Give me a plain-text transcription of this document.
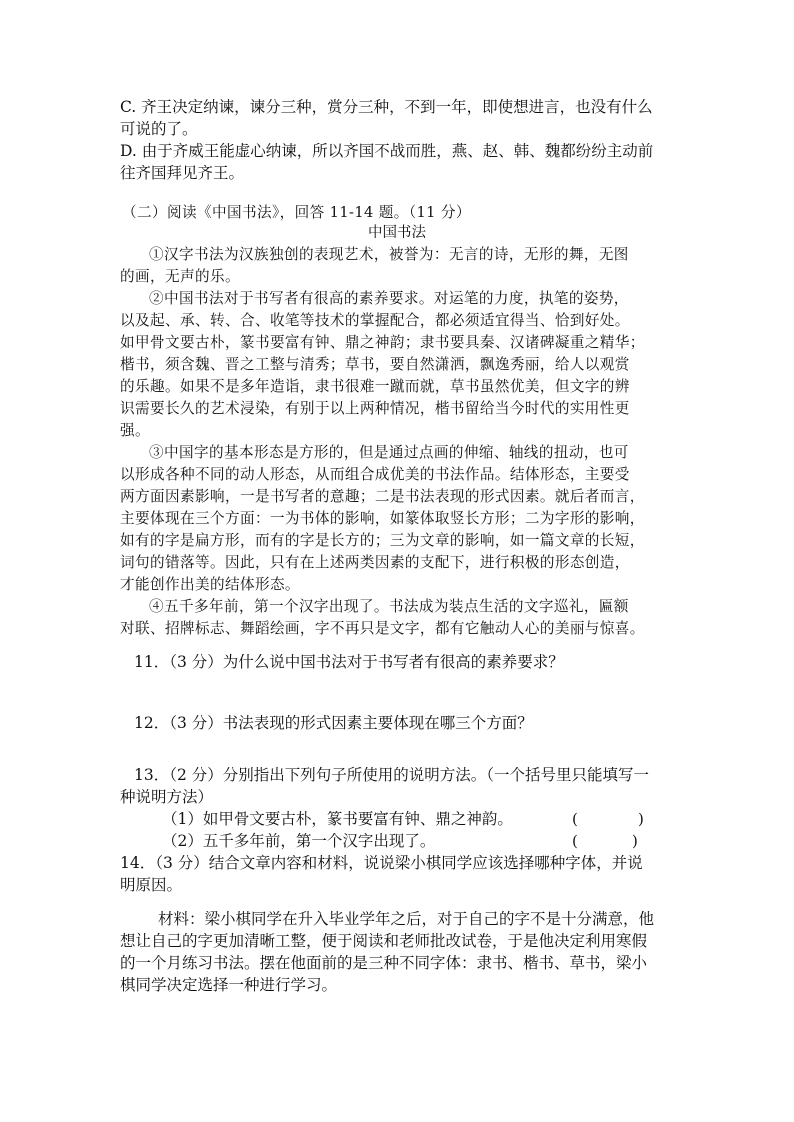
C. 齐王决定纳谏，谏分三种，赏分三种，不到一年，即使想进言，也没有什么
可说的了。
D. 由于齐威王能虚心纳谏，所以齐国不战而胜，燕、赵、韩、魏都纷纷主动前
往齐国拜见齐王。
（二）阅读《中国书法》，回答 11-14 题。（11 分）
中国书法
①汉字书法为汉族独创的表现艺术，被誉为：无言的诗，无形的舞，无图
的画，无声的乐。
②中国书法对于书写者有很高的素养要求。对运笔的力度，执笔的姿势，
以及起、承、转、合、收笔等技术的掌握配合，都必须适宜得当、恰到好处。
如甲骨文要古朴，篆书要富有钟、鼎之神韵；隶书要具秦、汉诸碑凝重之精华；
楷书，须含魏、晋之工整与清秀；草书，要自然潇洒，飘逸秀丽，给人以观赏
的乐趣。如果不是多年造诣，隶书很难一蹴而就，草书虽然优美，但文字的辨
识需要长久的艺术浸染，有别于以上两种情况，楷书留给当今时代的实用性更
强。
③中国字的基本形态是方形的，但是通过点画的伸缩、轴线的扭动，也可
以形成各种不同的动人形态，从而组合成优美的书法作品。结体形态，主要受
两方面因素影响，一是书写者的意趣；二是书法表现的形式因素。就后者而言，
主要体现在三个方面：一为书体的影响，如篆体取竖长方形；二为字形的影响，
如有的字是扁方形，而有的字是长方的；三为文章的影响，如一篇文章的长短，
词句的错落等。因此，只有在上述两类因素的支配下，进行积极的形态创造，
才能创作出美的结体形态。
④五千多年前，第一个汉字出现了。书法成为装点生活的文字巡礼，匾额
对联、招牌标志、舞蹈绘画，字不再只是文字，都有它触动人心的美丽与惊喜。
11．（3 分）为什么说中国书法对于书写者有很高的素养要求？
12．（3 分）书法表现的形式因素主要体现在哪三个方面？
13．（2 分）分别指出下列句子所使用的说明方法。（一个括号里只能填写一
种说明方法）
（1）如甲骨文要古朴，篆书要富有钟、鼎之神韵。	(	)
（2）五千多年前，第一个汉字出现了。	(	)
14．（3 分）结合文章内容和材料，说说梁小棋同学应该选择哪种字体，并说
明原因。
材料：梁小棋同学在升入毕业学年之后，对于自己的字不是十分满意，他
想让自己的字更加清晰工整，便于阅读和老师批改试卷，于是他决定利用寒假
的一个月练习书法。摆在他面前的是三种不同字体：隶书、楷书、草书，梁小
棋同学决定选择一种进行学习。
